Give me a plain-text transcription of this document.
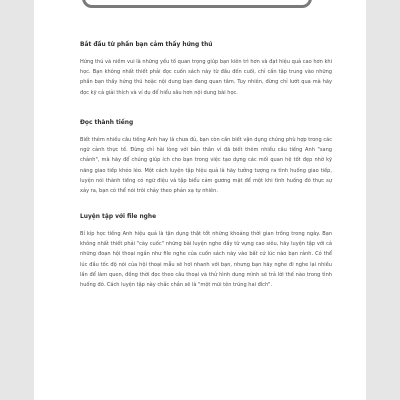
Bắt đầu từ phần bạn cảm thấy hứng thú

Hứng thú và niềm vui là những yếu tố quan trọng giúp bạn kiên trì hơn và đạt hiệu quả cao hơn khi học. Bạn không nhất thiết phải đọc cuốn sách này từ đầu đến cuối, chỉ cần tập trung vào những phần bạn thấy hứng thú hoặc nội dung bạn đang quan tâm. Tuy nhiên, đừng chỉ lướt qua mà hãy đọc kỹ cả giải thích và ví dụ để hiểu sâu hơn nội dung bài học.

Đọc thành tiếng

Biết thêm nhiều câu tiếng Anh hay là chưa đủ, bạn còn cần biết vận dụng chúng phù hợp trong các ngữ cảnh thực tế. Đừng chỉ hài lòng với bản thân vì đã biết thêm nhiều câu tiếng Anh "sang chảnh", mà hãy để chúng giúp ích cho bạn trong việc tạo dựng các mối quan hệ tốt đẹp nhờ kỹ năng giao tiếp khéo léo. Một cách luyện tập hiệu quả là hãy tưởng tượng ra tình huống giao tiếp, luyện nói thành tiếng có ngữ điệu và tập biểu cảm gương mặt để một khi tình huống đó thực sự xảy ra, bạn có thể nói trôi chảy theo phản xạ tự nhiên.

Luyện tập với file nghe

Bí kíp học tiếng Anh hiệu quả là tận dụng thật tốt những khoảng thời gian trống trong ngày. Bạn không nhất thiết phải "cày cuốc" những bài luyện nghe đầy từ vựng cao siêu, hãy luyện tập với cả những đoạn hội thoại ngắn như file nghe của cuốn sách này vào bất cứ lúc nào bạn rảnh. Có thể lúc đầu tốc độ nói của hội thoại mẫu sẽ hơi nhanh với bạn, nhưng bạn hãy nghe đi nghe lại nhiều lần để làm quen, đồng thời đọc theo câu thoại và thử hình dung mình sẽ trả lời thế nào trong tình huống đó. Cách luyện tập này chắc chắn sẽ là "một mũi tên trúng hai đích".
